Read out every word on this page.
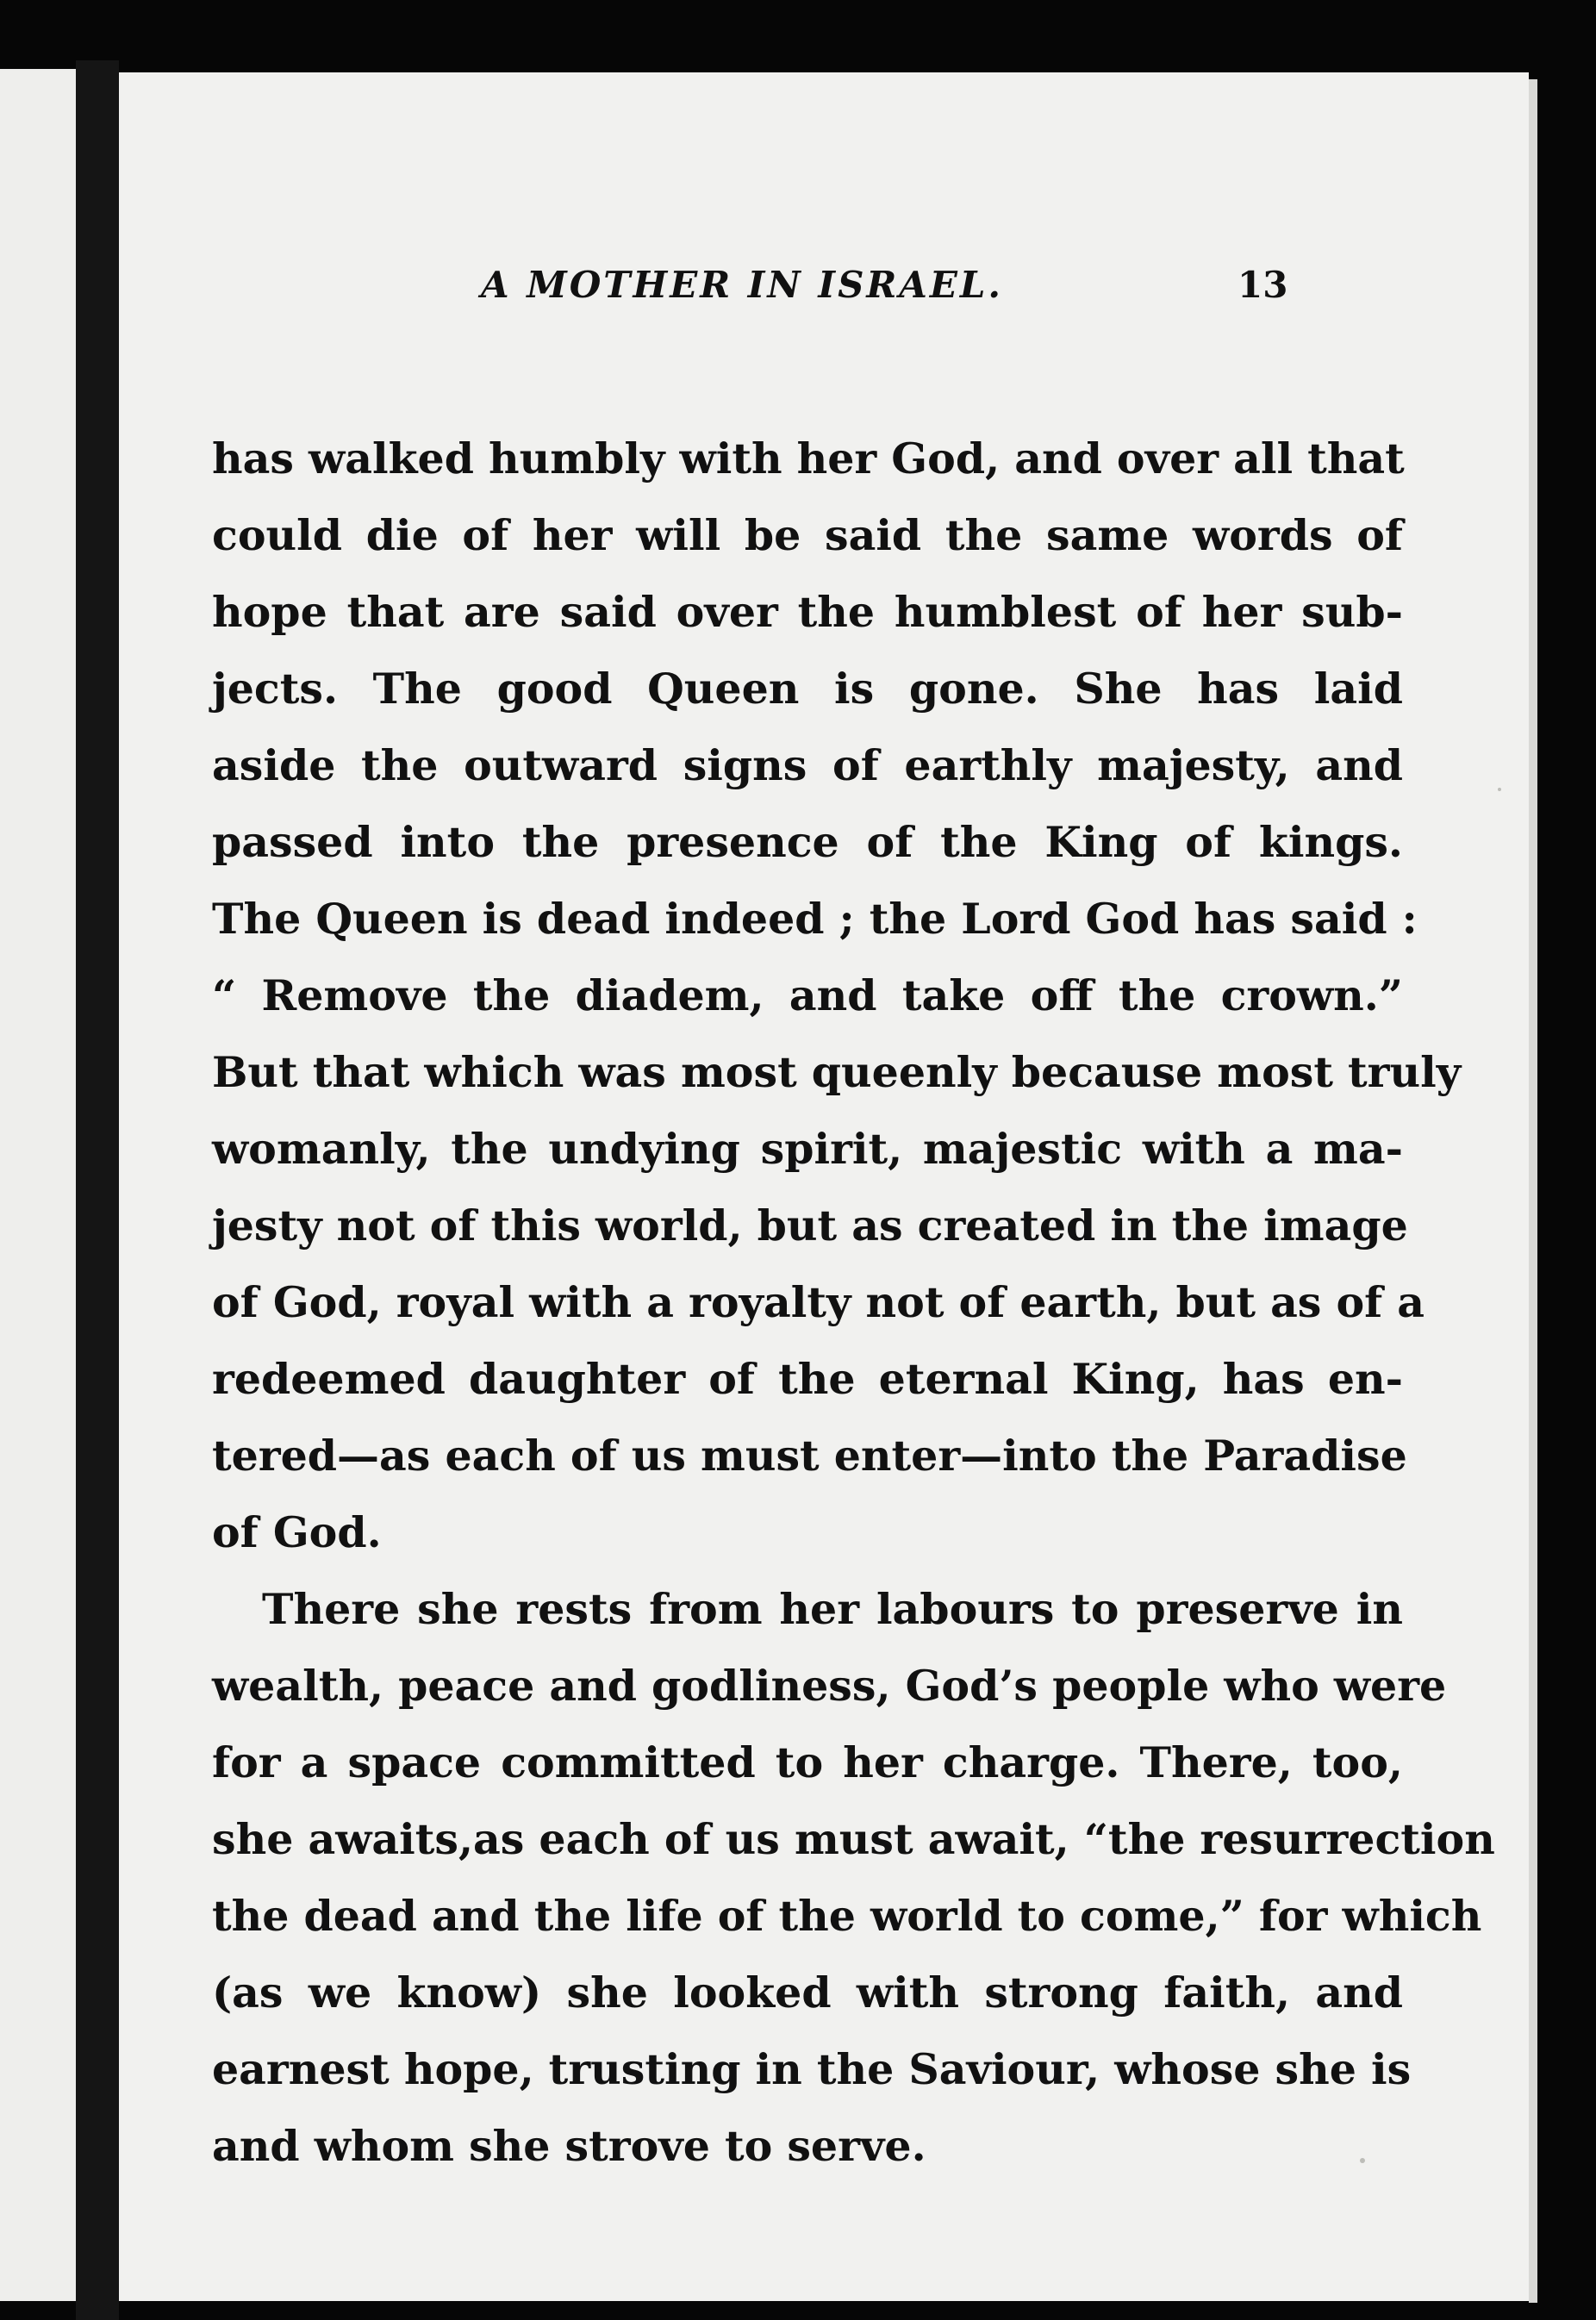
A MOTHER IN ISRAEL.	13
has walked humbly with her God, and over all that
could die of her will be said the same words of
hope that are said over the humblest of her sub-
jects. The good Queen is gone. She has laid
aside the outward signs of earthly majesty, and
passed into the presence of the King of kings.
The Queen is dead indeed ; the Lord God has said :
“ Remove the diadem, and take off the crown.”
But that which was most queenly because most truly
womanly, the undying spirit, majestic with a ma-
jesty not of this world, but as created in the image
of God, royal with a royalty not of earth, but as of a
redeemed daughter of the eternal King, has en-
tered—as each of us must enter—into the Paradise
of God.
There she rests from her labours to preserve in
wealth, peace and godliness, God’s people who were
for a space committed to her charge. There, too,
she awaits,as each of us must await, “the resurrection
the dead and the life of the world to come,” for which
(as we know) she looked with strong faith, and
earnest hope, trusting in the Saviour, whose she is
and whom she strove to serve.
